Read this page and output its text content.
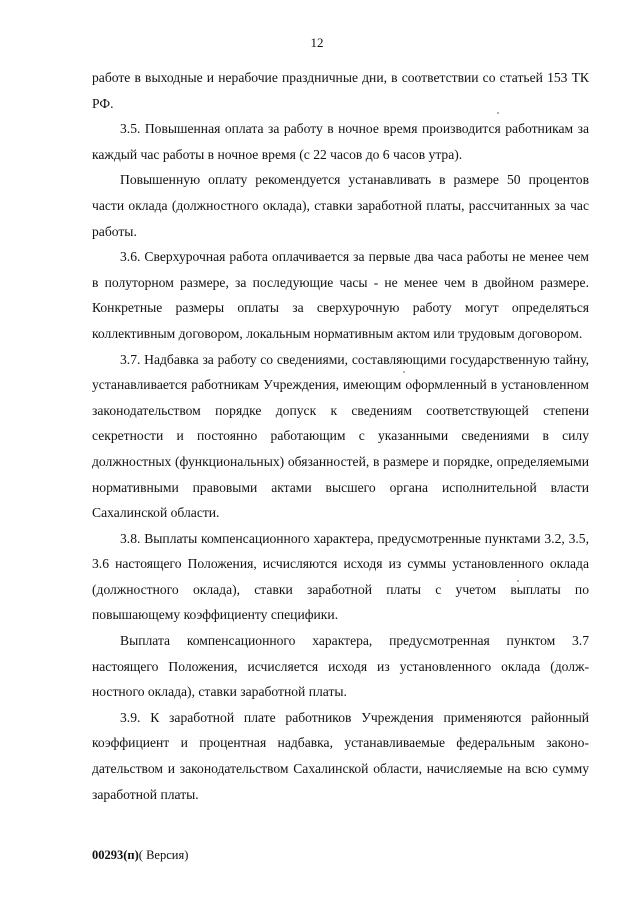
12

работе в выходные и нерабочие праздничные дни, в соответствии со статьей 153 ТК РФ.

3.5. Повышенная оплата за работу в ночное время производится работникам за каждый час работы в ночное время (с 22 часов до 6 часов утра).

Повышенную оплату рекомендуется устанавливать в размере 50 процентов части оклада (должностного оклада), ставки заработной платы, рассчитанных за час работы.

3.6. Сверхурочная работа оплачивается за первые два часа работы не менее чем в полуторном размере, за последующие часы - не менее чем в двойном размере. Конкретные размеры оплаты за сверхурочную работу могут определяться коллективным договором, локальным нормативным актом или трудовым договором.

3.7. Надбавка за работу со сведениями, составляющими государственную тайну, устанавливается работникам Учреждения, имеющим оформленный в установленном законодательством порядке допуск к сведениям соответствующей степени секретности и постоянно работающим с указанными сведениями в силу должностных (функциональных) обязанностей, в размере и порядке, определяемыми нормативными правовыми актами высшего органа исполнительной власти Сахалинской области.

3.8. Выплаты компенсационного характера, предусмотренные пунктами 3.2, 3.5, 3.6 настоящего Положения, исчисляются исходя из суммы установленного оклада (должностного оклада), ставки заработной платы с учетом выплаты по повышающему коэффициенту специфики.

Выплата компенсационного характера, предусмотренная пунктом 3.7 настоящего Положения, исчисляется исходя из установленного оклада (должностного оклада), ставки заработной платы.

3.9. К заработной плате работников Учреждения применяются районный коэффициент и процентная надбавка, устанавливаемые федеральным законодательством и законодательством Сахалинской области, начисляемые на всю сумму заработной платы.

00293(п)( Версия)
